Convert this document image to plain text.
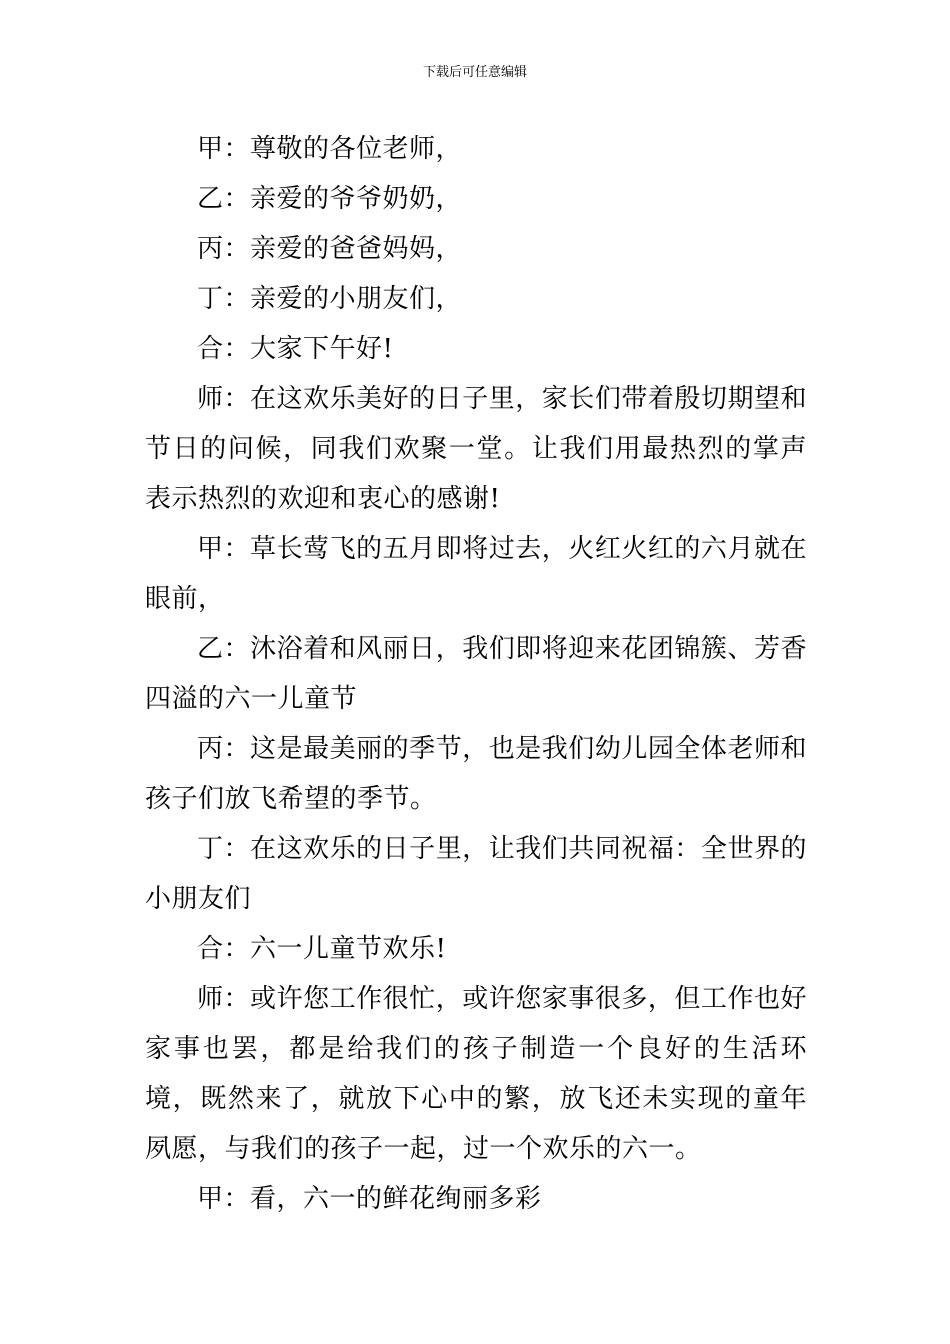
下载后可任意编辑

甲：尊敬的各位老师，

乙：亲爱的爷爷奶奶，

丙：亲爱的爸爸妈妈，

丁：亲爱的小朋友们，

合：大家下午好!

师：在这欢乐美好的日子里，家长们带着殷切期望和节日的问候，同我们欢聚一堂。让我们用最热烈的掌声表示热烈的欢迎和衷心的感谢!

甲：草长莺飞的五月即将过去，火红火红的六月就在眼前，

乙：沐浴着和风丽日，我们即将迎来花团锦簇、芳香四溢的六一儿童节

丙：这是最美丽的季节，也是我们幼儿园全体老师和孩子们放飞希望的季节。

丁：在这欢乐的日子里，让我们共同祝福：全世界的小朋友们

合：六一儿童节欢乐!

师：或许您工作很忙，或许您家事很多，但工作也好家事也罢，都是给我们的孩子制造一个良好的生活环境，既然来了，就放下心中的繁，放飞还未实现的童年夙愿，与我们的孩子一起，过一个欢乐的六一。

甲：看，六一的鲜花绚丽多彩
